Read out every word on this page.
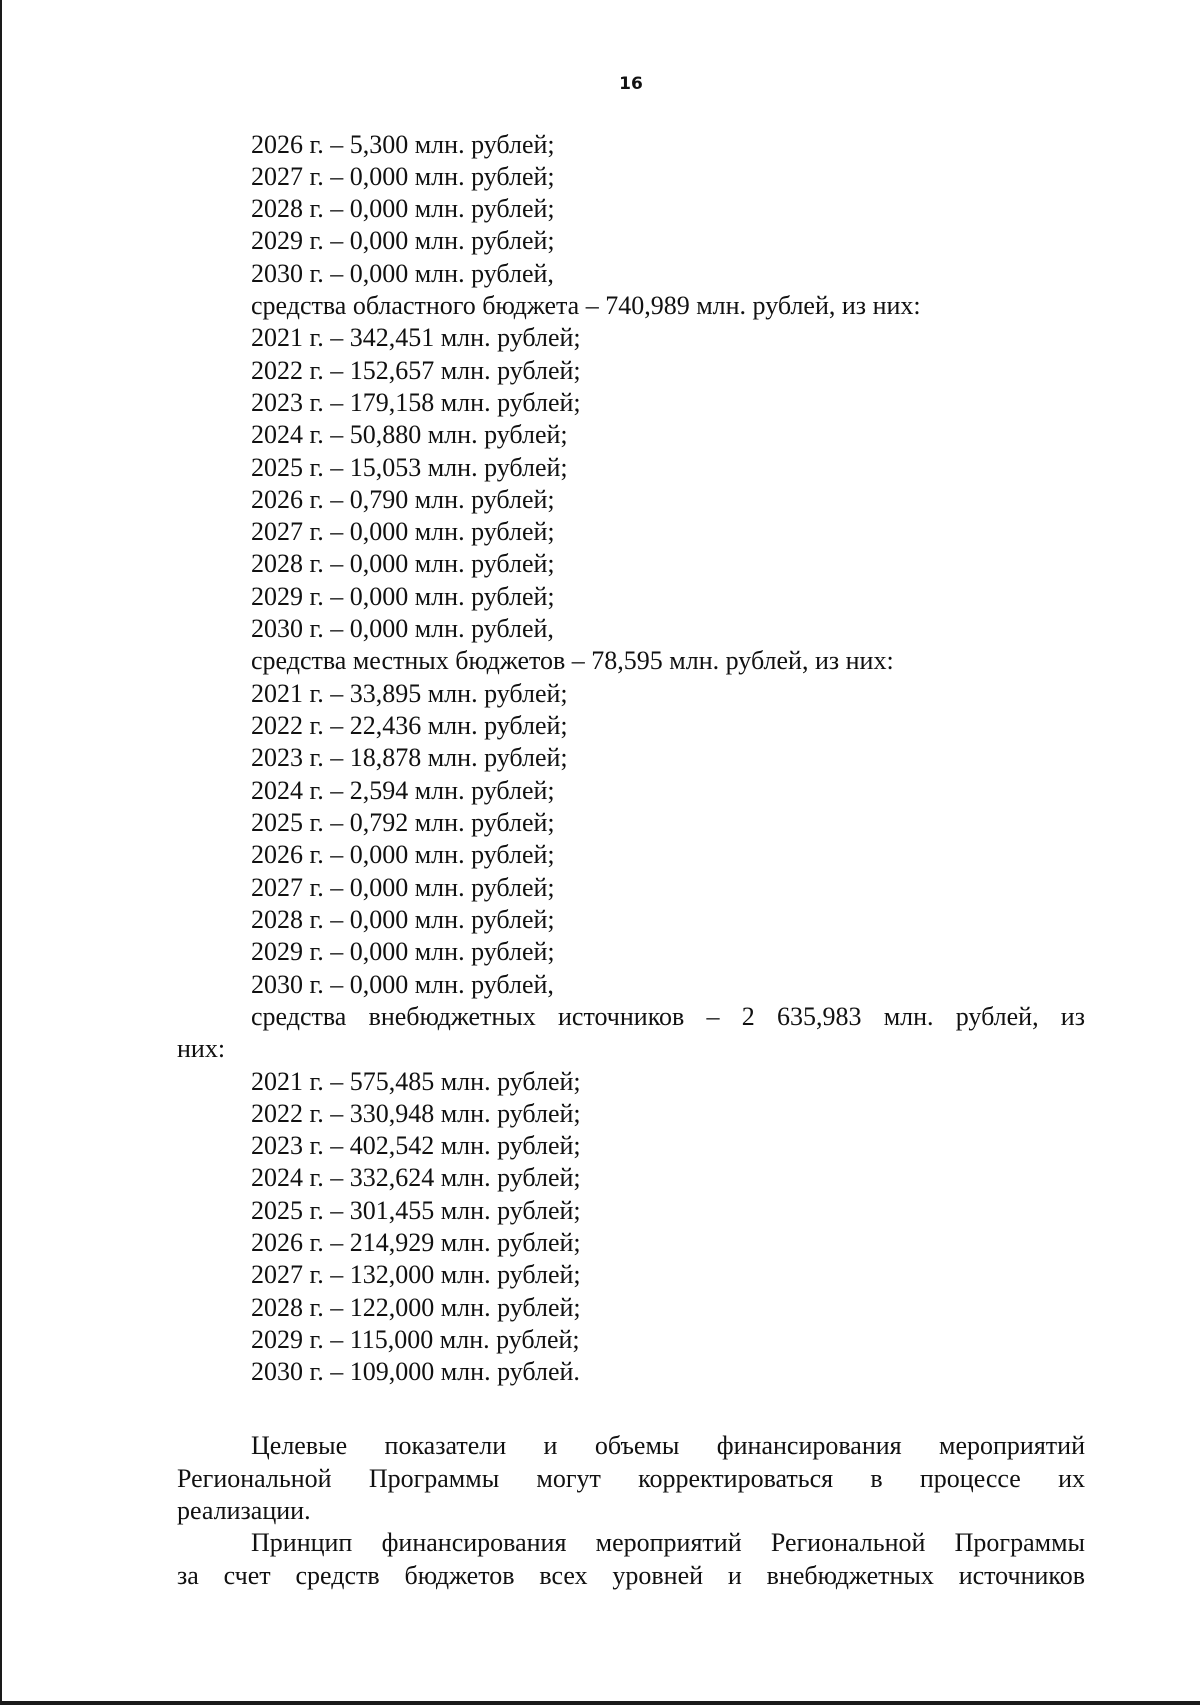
16
2026 г. – 5,300 млн. рублей;
2027 г. – 0,000 млн. рублей;
2028 г. – 0,000 млн. рублей;
2029 г. – 0,000 млн. рублей;
2030 г. – 0,000 млн. рублей,
средства областного бюджета – 740,989 млн. рублей, из них:
2021 г. – 342,451 млн. рублей;
2022 г. – 152,657 млн. рублей;
2023 г. – 179,158 млн. рублей;
2024 г. – 50,880 млн. рублей;
2025 г. – 15,053 млн. рублей;
2026 г. – 0,790 млн. рублей;
2027 г. – 0,000 млн. рублей;
2028 г. – 0,000 млн. рублей;
2029 г. – 0,000 млн. рублей;
2030 г. – 0,000 млн. рублей,
средства местных бюджетов – 78,595 млн. рублей, из них:
2021 г. – 33,895 млн. рублей;
2022 г. – 22,436 млн. рублей;
2023 г. – 18,878 млн. рублей;
2024 г. – 2,594 млн. рублей;
2025 г. – 0,792 млн. рублей;
2026 г. – 0,000 млн. рублей;
2027 г. – 0,000 млн. рублей;
2028 г. – 0,000 млн. рублей;
2029 г. – 0,000 млн. рублей;
2030 г. – 0,000 млн. рублей,
средства внебюджетных источников – 2 635,983 млн. рублей, из
них:
2021 г. – 575,485 млн. рублей;
2022 г. – 330,948 млн. рублей;
2023 г. – 402,542 млн. рублей;
2024 г. – 332,624 млн. рублей;
2025 г. – 301,455 млн. рублей;
2026 г. – 214,929 млн. рублей;
2027 г. – 132,000 млн. рублей;
2028 г. – 122,000 млн. рублей;
2029 г. – 115,000 млн. рублей;
2030 г. – 109,000 млн. рублей.
Целевые показатели и объемы финансирования мероприятий
Региональной Программы могут корректироваться в процессе их
реализации.
Принцип финансирования мероприятий Региональной Программы
за счет средств бюджетов всех уровней и внебюджетных источников
